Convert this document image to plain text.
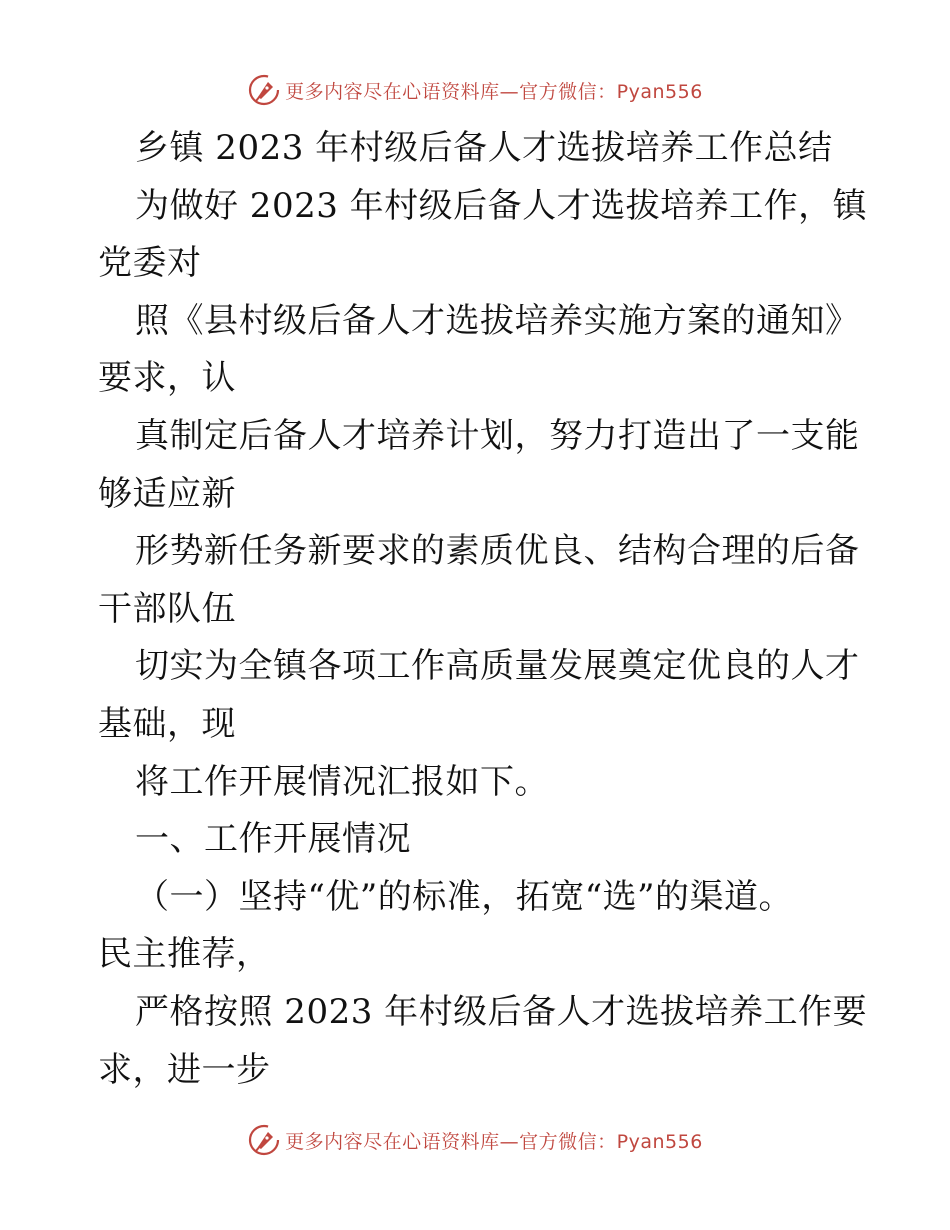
更多内容尽在心语资料库—官方微信：Pyan556
乡镇 2023 年村级后备人才选拔培养工作总结
为做好 2023 年村级后备人才选拔培养工作，镇
党委对
照《县村级后备人才选拔培养实施方案的通知》
要求，认
真制定后备人才培养计划，努力打造出了一支能
够适应新
形势新任务新要求的素质优良、结构合理的后备
干部队伍
切实为全镇各项工作高质量发展奠定优良的人才
基础，现
将工作开展情况汇报如下。
一、工作开展情况
（一）坚持“优”的标准，拓宽“选”的渠道。
民主推荐，
严格按照 2023 年村级后备人才选拔培养工作要
求，进一步
更多内容尽在心语资料库—官方微信：Pyan556
